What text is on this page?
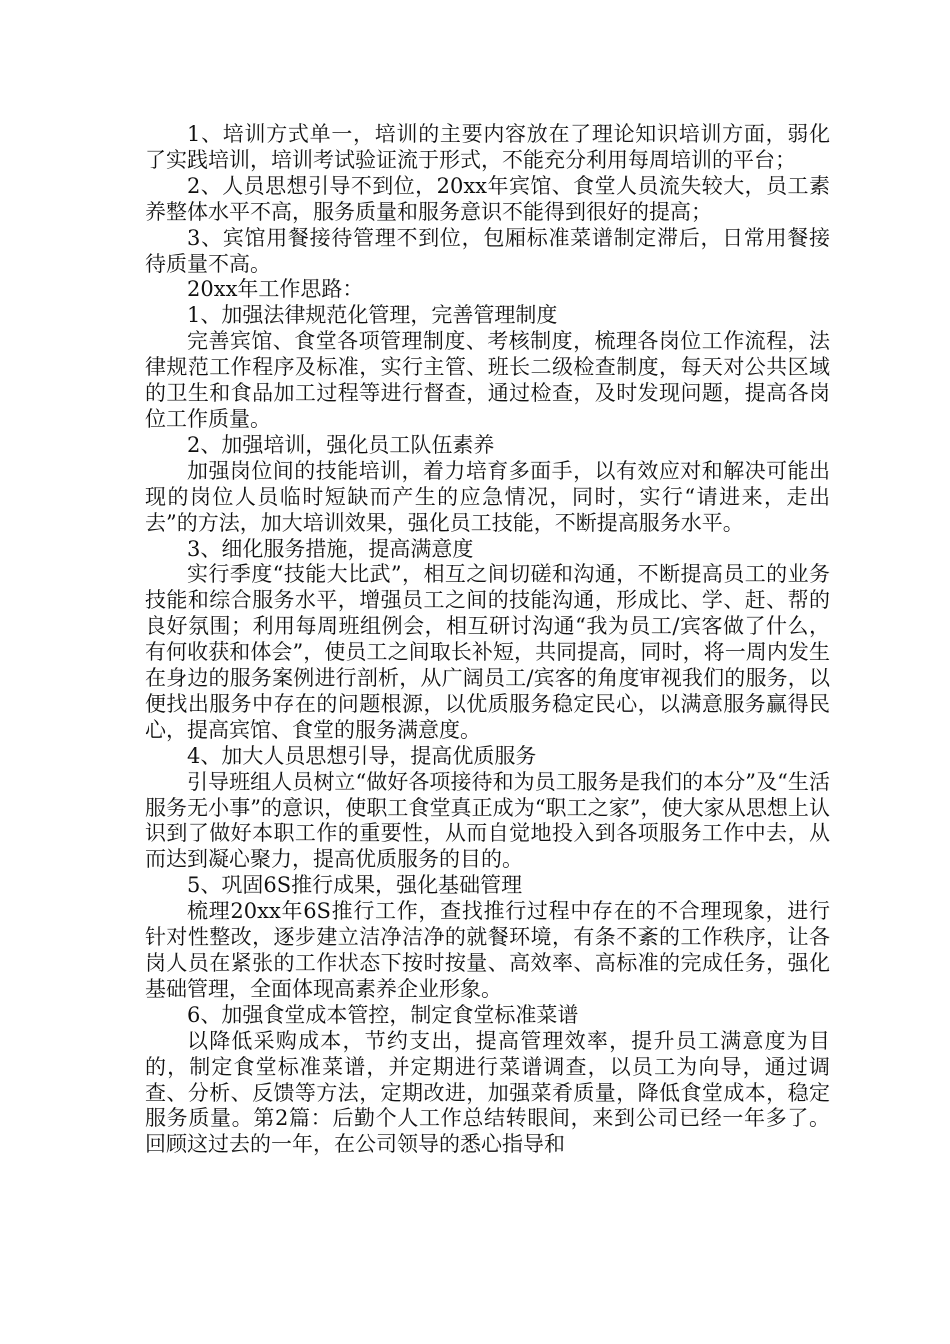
1、培训方式单一，培训的主要内容放在了理论知识培训方面，弱化了实践培训，培训考试验证流于形式，不能充分利用每周培训的平台；

2、人员思想引导不到位，20xx年宾馆、食堂人员流失较大，员工素养整体水平不高，服务质量和服务意识不能得到很好的提高；

3、宾馆用餐接待管理不到位，包厢标准菜谱制定滞后，日常用餐接待质量不高。

20xx年工作思路：

1、加强法律规范化管理，完善管理制度

完善宾馆、食堂各项管理制度、考核制度，梳理各岗位工作流程，法律规范工作程序及标准，实行主管、班长二级检查制度，每天对公共区域的卫生和食品加工过程等进行督查，通过检查，及时发现问题，提高各岗位工作质量。

2、加强培训，强化员工队伍素养

加强岗位间的技能培训，着力培育多面手，以有效应对和解决可能出现的岗位人员临时短缺而产生的应急情况，同时，实行“请进来，走出去”的方法，加大培训效果，强化员工技能，不断提高服务水平。

3、细化服务措施，提高满意度

实行季度“技能大比武”，相互之间切磋和沟通，不断提高员工的业务技能和综合服务水平，增强员工之间的技能沟通，形成比、学、赶、帮的良好氛围；利用每周班组例会，相互研讨沟通“我为员工/宾客做了什么，有何收获和体会”，使员工之间取长补短，共同提高，同时，将一周内发生在身边的服务案例进行剖析，从广阔员工/宾客的角度审视我们的服务，以便找出服务中存在的问题根源，以优质服务稳定民心，以满意服务赢得民心，提高宾馆、食堂的服务满意度。

4、加大人员思想引导，提高优质服务

引导班组人员树立“做好各项接待和为员工服务是我们的本分”及“生活服务无小事”的意识，使职工食堂真正成为“职工之家”，使大家从思想上认识到了做好本职工作的重要性，从而自觉地投入到各项服务工作中去，从而达到凝心聚力，提高优质服务的目的。

5、巩固6S推行成果，强化基础管理

梳理20xx年6S推行工作，查找推行过程中存在的不合理现象，进行针对性整改，逐步建立洁净洁净的就餐环境，有条不紊的工作秩序，让各岗人员在紧张的工作状态下按时按量、高效率、高标准的完成任务，强化基础管理，全面体现高素养企业形象。

6、加强食堂成本管控，制定食堂标准菜谱

以降低采购成本，节约支出，提高管理效率，提升员工满意度为目的，制定食堂标准菜谱，并定期进行菜谱调查，以员工为向导，通过调查、分析、反馈等方法，定期改进，加强菜肴质量，降低食堂成本，稳定服务质量。第2篇：后勤个人工作总结转眼间，来到公司已经一年多了。回顾这过去的一年，在公司领导的悉心指导和
